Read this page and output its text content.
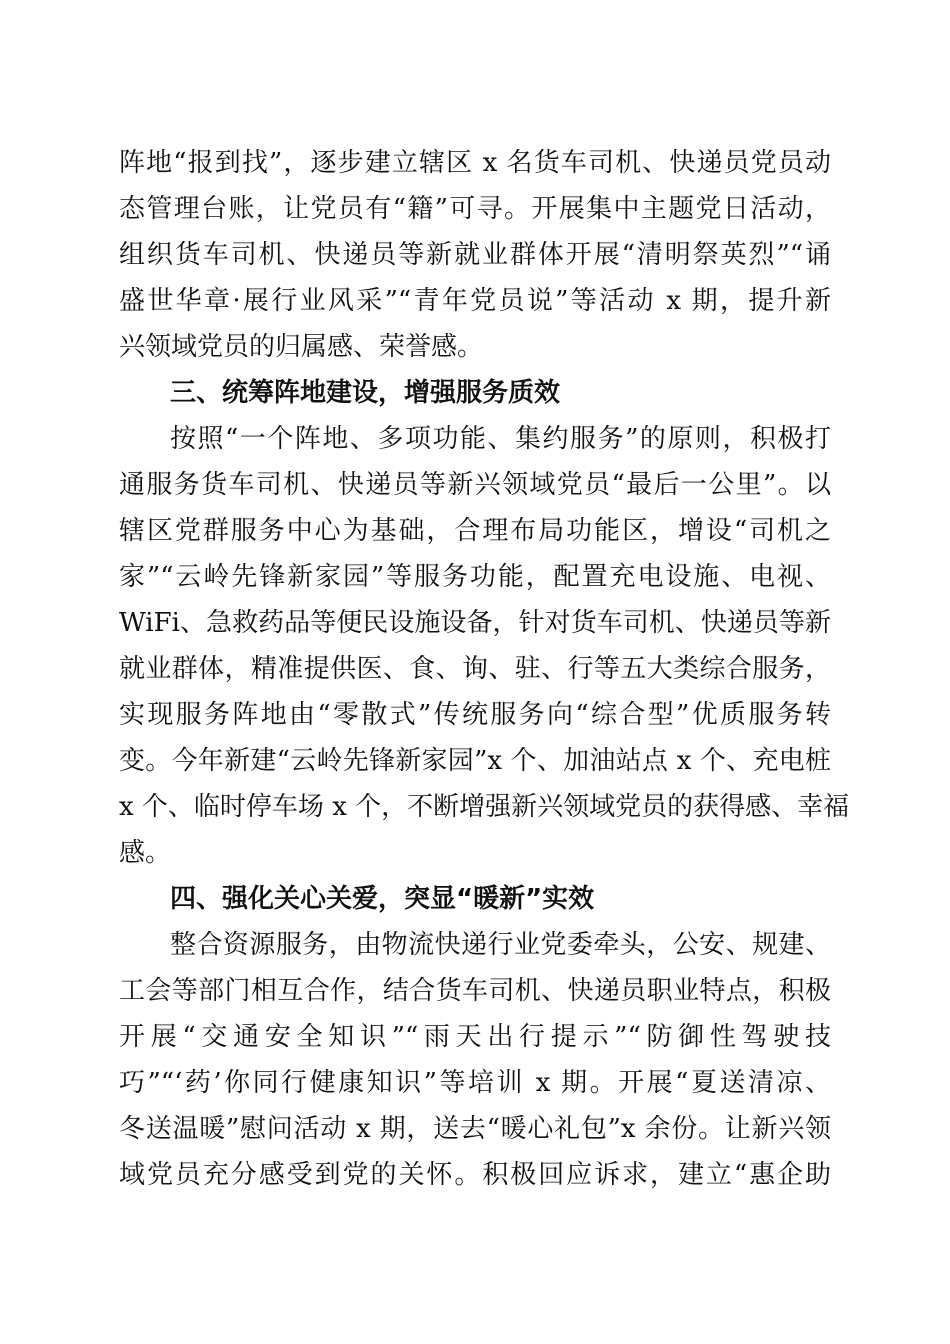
阵地“报到找”，逐步建立辖区 x 名货车司机、快递员党员动
态管理台账，让党员有“籍”可寻。开展集中主题党日活动，
组织货车司机、快递员等新就业群体开展“清明祭英烈”“诵
盛世华章·展行业风采”“青年党员说”等活动 x 期，提升新
兴领域党员的归属感、荣誉感。
三、统筹阵地建设，增强服务质效
按照“一个阵地、多项功能、集约服务”的原则，积极打
通服务货车司机、快递员等新兴领域党员“最后一公里”。以
辖区党群服务中心为基础，合理布局功能区，增设“司机之
家”“云岭先锋新家园”等服务功能，配置充电设施、电视、
WiFi、急救药品等便民设施设备，针对货车司机、快递员等新
就业群体，精准提供医、食、询、驻、行等五大类综合服务，
实现服务阵地由“零散式”传统服务向“综合型”优质服务转
变。今年新建“云岭先锋新家园”x 个、加油站点 x 个、充电桩
x 个、临时停车场 x 个，不断增强新兴领域党员的获得感、幸福
感。
四、强化关心关爱，突显“暖新”实效
整合资源服务，由物流快递行业党委牵头，公安、规建、
工会等部门相互合作，结合货车司机、快递员职业特点，积极
开展“交通安全知识”“雨天出行提示”“防御性驾驶技
巧”“‘药’你同行健康知识”等培训 x 期。开展“夏送清凉、
冬送温暖”慰问活动 x 期，送去“暖心礼包”x 余份。让新兴领
域党员充分感受到党的关怀。积极回应诉求，建立“惠企助
